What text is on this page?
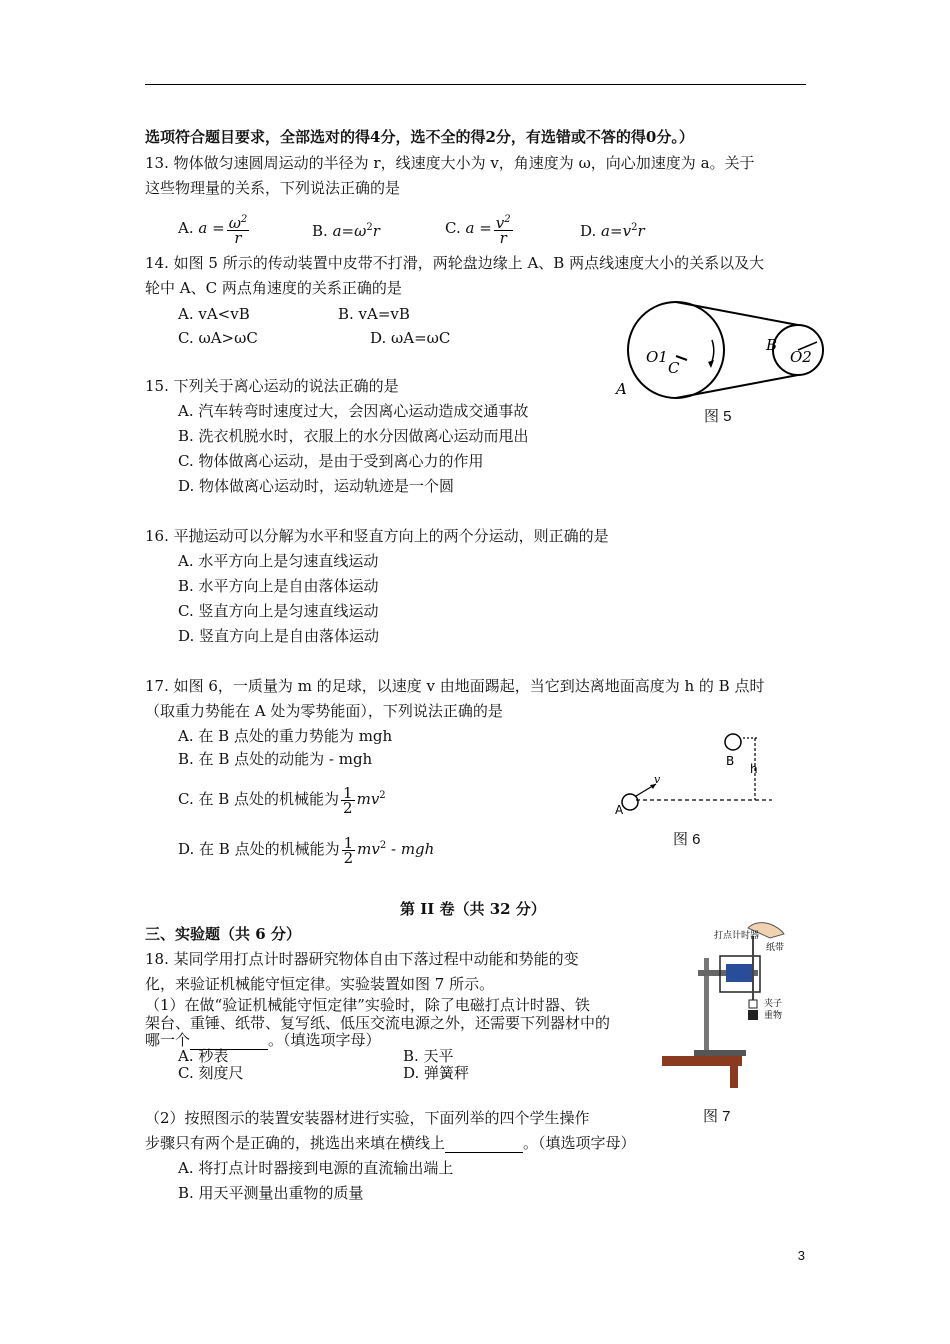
选项符合题目要求，全部选对的得4分，选不全的得2分，有选错或不答的得0分。）
13. 物体做匀速圆周运动的半径为 r，线速度大小为 v，角速度为 ω，向心加速度为 a。关于
这些物理量的关系，下列说法正确的是
A. $a = \frac{\omega^2}{r}$	B. $a=\omega^2r$	C. $a = \frac{v^2}{r}$	D. $a=v^2r$
14. 如图 5 所示的传动装置中皮带不打滑，两轮盘边缘上 A、B 两点线速度大小的关系以及大
轮中 A、C 两点角速度的关系正确的是
A. vA<vB	B. vA=vB
C. ωA>ωC	D. ωA=ωC
O1
C
A
B
O2
图 5
15. 下列关于离心运动的说法正确的是
A. 汽车转弯时速度过大，会因离心运动造成交通事故
B. 洗衣机脱水时，衣服上的水分因做离心运动而甩出
C. 物体做离心运动，是由于受到离心力的作用
D. 物体做离心运动时，运动轨迹是一个圆
16. 平抛运动可以分解为水平和竖直方向上的两个分运动，则正确的是
A. 水平方向上是匀速直线运动
B. 水平方向上是自由落体运动
C. 竖直方向上是匀速直线运动
D. 竖直方向上是自由落体运动
17. 如图 6，一质量为 m 的足球，以速度 v 由地面踢起，当它到达离地面高度为 h 的 B 点时
（取重力势能在 A 处为零势能面），下列说法正确的是
A. 在 B 点处的重力势能为 mgh
B. 在 B 点处的动能为 - mgh
C. 在 B 点处的机械能为 $\frac{1}{2} mv^2$
D. 在 B 点处的机械能为 $\frac{1}{2} mv^2$ - mgh
A
B
v
h
图 6
第 II 卷（共 32 分）
三、实验题（共 6 分）
18. 某同学用打点计时器研究物体自由下落过程中动能和势能的变
化，来验证机械能守恒定律。实验装置如图 7 所示。
（1）在做“验证机械能守恒定律”实验时，除了电磁打点计时器、铁
架台、重锤、纸带、复写纸、低压交流电源之外，还需要下列器材中的
哪一个	。（填选项字母）
A. 秒表	B. 天平
C. 刻度尺	D. 弹簧秤
打点计时器
纸带
夹子
重物
图 7
（2）按照图示的装置安装器材进行实验，下面列举的四个学生操作
步骤只有两个是正确的，挑选出来填在横线上	。（填选项字母）
A. 将打点计时器接到电源的直流输出端上
B. 用天平测量出重物的质量
3
